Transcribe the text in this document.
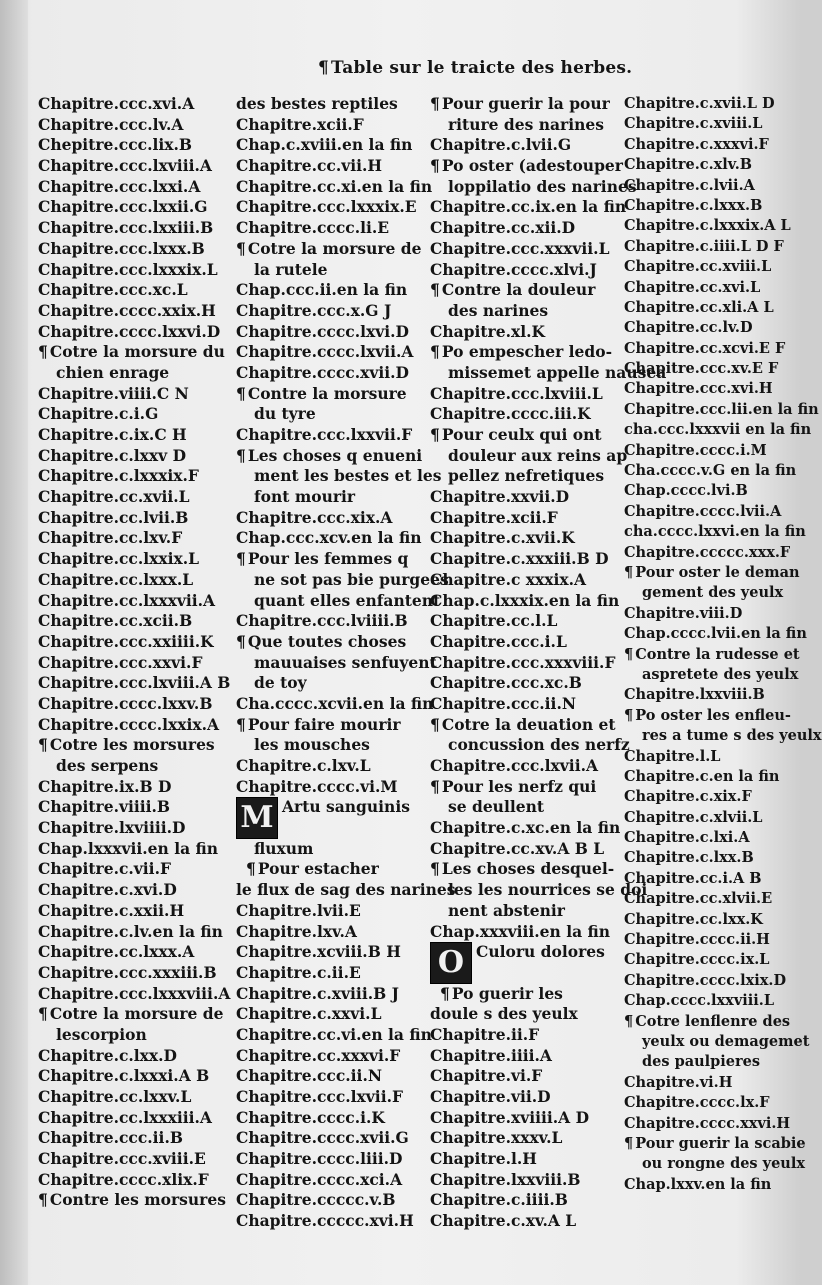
¶ Table sur le traicte des herbes.
Chapitre.ccc.xvi.A
Chapitre.ccc.lv.A
Chepitre.ccc.lix.B
Chapitre.ccc.lxviii.A
Chapitre.ccc.lxxi.A
Chapitre.ccc.lxxii.G
Chapitre.ccc.lxxiii.B
Chapitre.ccc.lxxx.B
Chapitre.ccc.lxxxix.L
Chapitre.ccc.xc.L
Chapitre.cccc.xxix.H
Chapitre.cccc.lxxvi.D
¶ Cotre la morsure du
chien enrage
Chapitre.viiii.C N
Chapitre.c.i.G
Chapitre.c.ix.C H
Chapitre.c.lxxv D
Chapitre.c.lxxxix.F
Chapitre.cc.xvii.L
Chapitre.cc.lvii.B
Chapitre.cc.lxv.F
Chapitre.cc.lxxix.L
Chapitre.cc.lxxx.L
Chapitre.cc.lxxxvii.A
Chapitre.cc.xcii.B
Chapitre.ccc.xxiiii.K
Chapitre.ccc.xxvi.F
Chapitre.ccc.lxviii.A B
Chapitre.cccc.lxxv.B
Chapitre.cccc.lxxix.A
¶ Cotre les morsures
des serpens
Chapitre.ix.B D
Chapitre.viiii.B
Chapitre.lxviiii.D
Chap.lxxxvii.en la fin
Chapitre.c.vii.F
Chapitre.c.xvi.D
Chapitre.c.xxii.H
Chapitre.c.lv.en la fin
Chapitre.cc.lxxx.A
Chapitre.ccc.xxxiii.B
Chapitre.ccc.lxxxviii.A
¶ Cotre la morsure de
lescorpion
Chapitre.c.lxx.D
Chapitre.c.lxxxi.A B
Chapitre.cc.lxxv.L
Chapitre.cc.lxxxiii.A
Chapitre.ccc.ii.B
Chapitre.ccc.xviii.E
Chapitre.cccc.xlix.F
¶ Contre les morsures
des bestes reptiles
Chapitre.xcii.F
Chap.c.xviii.en la fin
Chapitre.cc.vii.H
Chapitre.cc.xi.en la fin
Chapitre.ccc.lxxxix.E
Chapitre.cccc.li.E
¶ Cotre la morsure de
la rutele
Chap.ccc.ii.en la fin
Chapitre.ccc.x.G J
Chapitre.cccc.lxvi.D
Chapitre.cccc.lxvii.A
Chapitre.cccc.xvii.D
¶ Contre la morsure
du tyre
Chapitre.ccc.lxxvii.F
¶ Les choses q enueni
ment les bestes et les
font mourir
Chapitre.ccc.xix.A
Chap.ccc.xcv.en la fin
¶ Pour les femmes q
ne sot pas bie purgees
quant elles enfantent
Chapitre.ccc.lviiii.B
¶ Que toutes choses
mauuaises senfuyent
de toy
Cha.cccc.xcvii.en la fin
¶ Pour faire mourir
les mousches
Chapitre.c.lxv.L
Chapitre.cccc.vi.M
M Artu sanguinis
fluxum
¶ Pour estacher
le flux de sag des narines
Chapitre.lvii.E
Chapitre.lxv.A
Chapitre.xcviii.B H
Chapitre.c.ii.E
Chapitre.c.xviii.B J
Chapitre.c.xxvi.L
Chapitre.cc.vi.en la fin
Chapitre.cc.xxxvi.F
Chapitre.ccc.ii.N
Chapitre.ccc.lxvii.F
Chapitre.cccc.i.K
Chapitre.cccc.xvii.G
Chapitre.cccc.liii.D
Chapitre.cccc.xci.A
Chapitre.ccccc.v.B
Chapitre.ccccc.xvi.H
¶ Pour guerir la pour
riture des narines
Chapitre.c.lvii.G
¶ Po oster (adestouper
loppilatio des narines
Chapitre.cc.ix.en la fin
Chapitre.cc.xii.D
Chapitre.ccc.xxxvii.L
Chapitre.cccc.xlvi.J
¶ Contre la douleur
des narines
Chapitre.xl.K
¶ Po empescher ledo-
missemet appelle nausea
Chapitre.ccc.lxviii.L
Chapitre.cccc.iii.K
¶ Pour ceulx qui ont
douleur aux reins ap
pellez nefretiques
Chapitre.xxvii.D
Chapitre.xcii.F
Chapitre.c.xvii.K
Chapitre.c.xxxiii.B D
Chapitre.c xxxix.A
Chap.c.lxxxix.en la fin
Chapitre.cc.l.L
Chapitre.ccc.i.L
Chapitre.ccc.xxxviii.F
Chapitre.ccc.xc.B
Chapitre.ccc.ii.N
¶ Cotre la deuation et
concussion des nerfz
Chapitre.ccc.lxvii.A
¶ Pour les nerfz qui
se deullent
Chapitre.c.xc.en la fin
Chapitre.cc.xv.A B L
¶ Les choses desquel-
les les nourrices se doi
nent abstenir
Chap.xxxviii.en la fin
O Culoru dolores
¶ Po guerir les
doule s des yeulx
Chapitre.ii.F
Chapitre.iiii.A
Chapitre.vi.F
Chapitre.vii.D
Chapitre.xviiii.A D
Chapitre.xxxv.L
Chapitre.l.H
Chapitre.lxxviii.B
Chapitre.c.iiii.B
Chapitre.c.xv.A L
Chapitre.c.xvii.L D
Chapitre.c.xviii.L
Chapitre.c.xxxvi.F
Chapitre.c.xlv.B
Chapitre.c.lvii.A
Chapitre.c.lxxx.B
Chapitre.c.lxxxix.A L
Chapitre.c.iiii.L D F
Chapitre.cc.xviii.L
Chapitre.cc.xvi.L
Chapitre.cc.xli.A L
Chapitre.cc.lv.D
Chapitre.cc.xcvi.E F
Chapitre.ccc.xv.E F
Chapitre.ccc.xvi.H
Chapitre.ccc.lii.en la fin
cha.ccc.lxxxvii en la fin
Chapitre.cccc.i.M
Cha.cccc.v.G en la fin
Chap.cccc.lvi.B
Chapitre.cccc.lvii.A
cha.cccc.lxxvi.en la fin
Chapitre.ccccc.xxx.F
¶ Pour oster le deman
gement des yeulx
Chapitre.viii.D
Chap.cccc.lvii.en la fin
¶ Contre la rudesse et
aspretete des yeulx
Chapitre.lxxviii.B
¶ Po oster les enfleu-
res a tume s des yeulx
Chapitre.l.L
Chapitre.c.en la fin
Chapitre.c.xix.F
Chapitre.c.xlvii.L
Chapitre.c.lxi.A
Chapitre.c.lxx.B
Chapitre.cc.i.A B
Chapitre.cc.xlvii.E
Chapitre.cc.lxx.K
Chapitre.cccc.ii.H
Chapitre.cccc.ix.L
Chapitre.cccc.lxix.D
Chap.cccc.lxxviii.L
¶ Cotre lenflenre des
yeulx ou demagemet
des paulpieres
Chapitre.vi.H
Chapitre.cccc.lx.F
Chapitre.cccc.xxvi.H
¶ Pour guerir la scabie
ou rongne des yeulx
Chap.lxxv.en la fin
